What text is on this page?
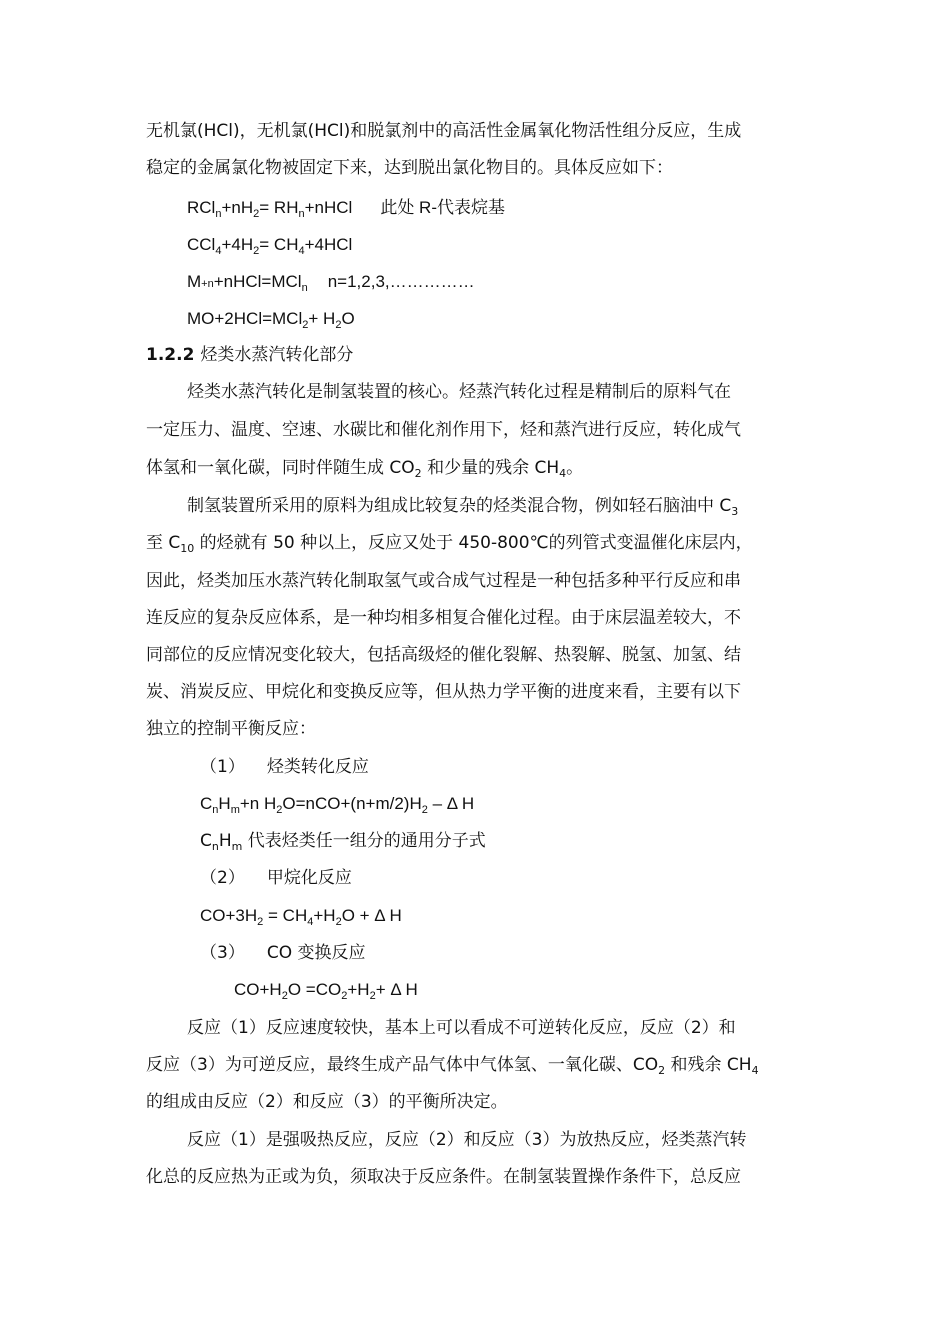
无机氯(HCl)，无机氯(HCl)和脱氯剂中的高活性金属氧化物活性组分反应，生成

稳定的金属氯化物被固定下来，达到脱出氯化物目的。具体反应如下：

$RCl_n+nH_2=$ $RH_n+nHCl$ 此处 R-代表烷基

$CCl_4+4H_2= CH_4+4HCl$

M+n+nHCl=MCl$_n$ n=1,2,3,……………

$MO+2HCl=MCl_2+ H_2O$

1.2.2 烃类水蒸汽转化部分

烃类水蒸汽转化是制氢装置的核心。烃蒸汽转化过程是精制后的原料气在

一定压力、温度、空速、水碳比和催化剂作用下，烃和蒸汽进行反应，转化成气

体氢和一氧化碳，同时伴随生成 $CO_2$ 和少量的残余 $CH_4$。

制氢装置所采用的原料为组成比较复杂的烃类混合物，例如轻石脑油中 $C_3$

至 $C_{10}$ 的烃就有 50 种以上，反应又处于 450-800℃的列管式变温催化床层内，

因此，烃类加压水蒸汽转化制取氢气或合成气过程是一种包括多种平行反应和串

连反应的复杂反应体系，是一种均相多相复合催化过程。由于床层温差较大，不

同部位的反应情况变化较大，包括高级烃的催化裂解、热裂解、脱氢、加氢、结

炭、消炭反应、甲烷化和变换反应等，但从热力学平衡的进度来看，主要有以下

独立的控制平衡反应：

（1） 烃类转化反应

$C_nH_m+n$ $H_2O=nCO+(n+m/2)H_2 - \Delta$ H

$C_nH_m$ 代表烃类任一组分的通用分子式

（2） 甲烷化反应

$CO+3H_2 = CH_4+H_2O + \Delta$ H

（3） CO 变换反应

$CO+H_2O =CO_2+H_2+ \Delta$ H

反应（1）反应速度较快，基本上可以看成不可逆转化反应，反应（2）和

反应（3）为可逆反应，最终生成产品气体中气体氢、一氧化碳、$CO_2$ 和残余 $CH_4$

的组成由反应（2）和反应（3）的平衡所决定。

反应（1）是强吸热反应，反应（2）和反应（3）为放热反应，烃类蒸汽转

化总的反应热为正或为负，须取决于反应条件。在制氢装置操作条件下，总反应
